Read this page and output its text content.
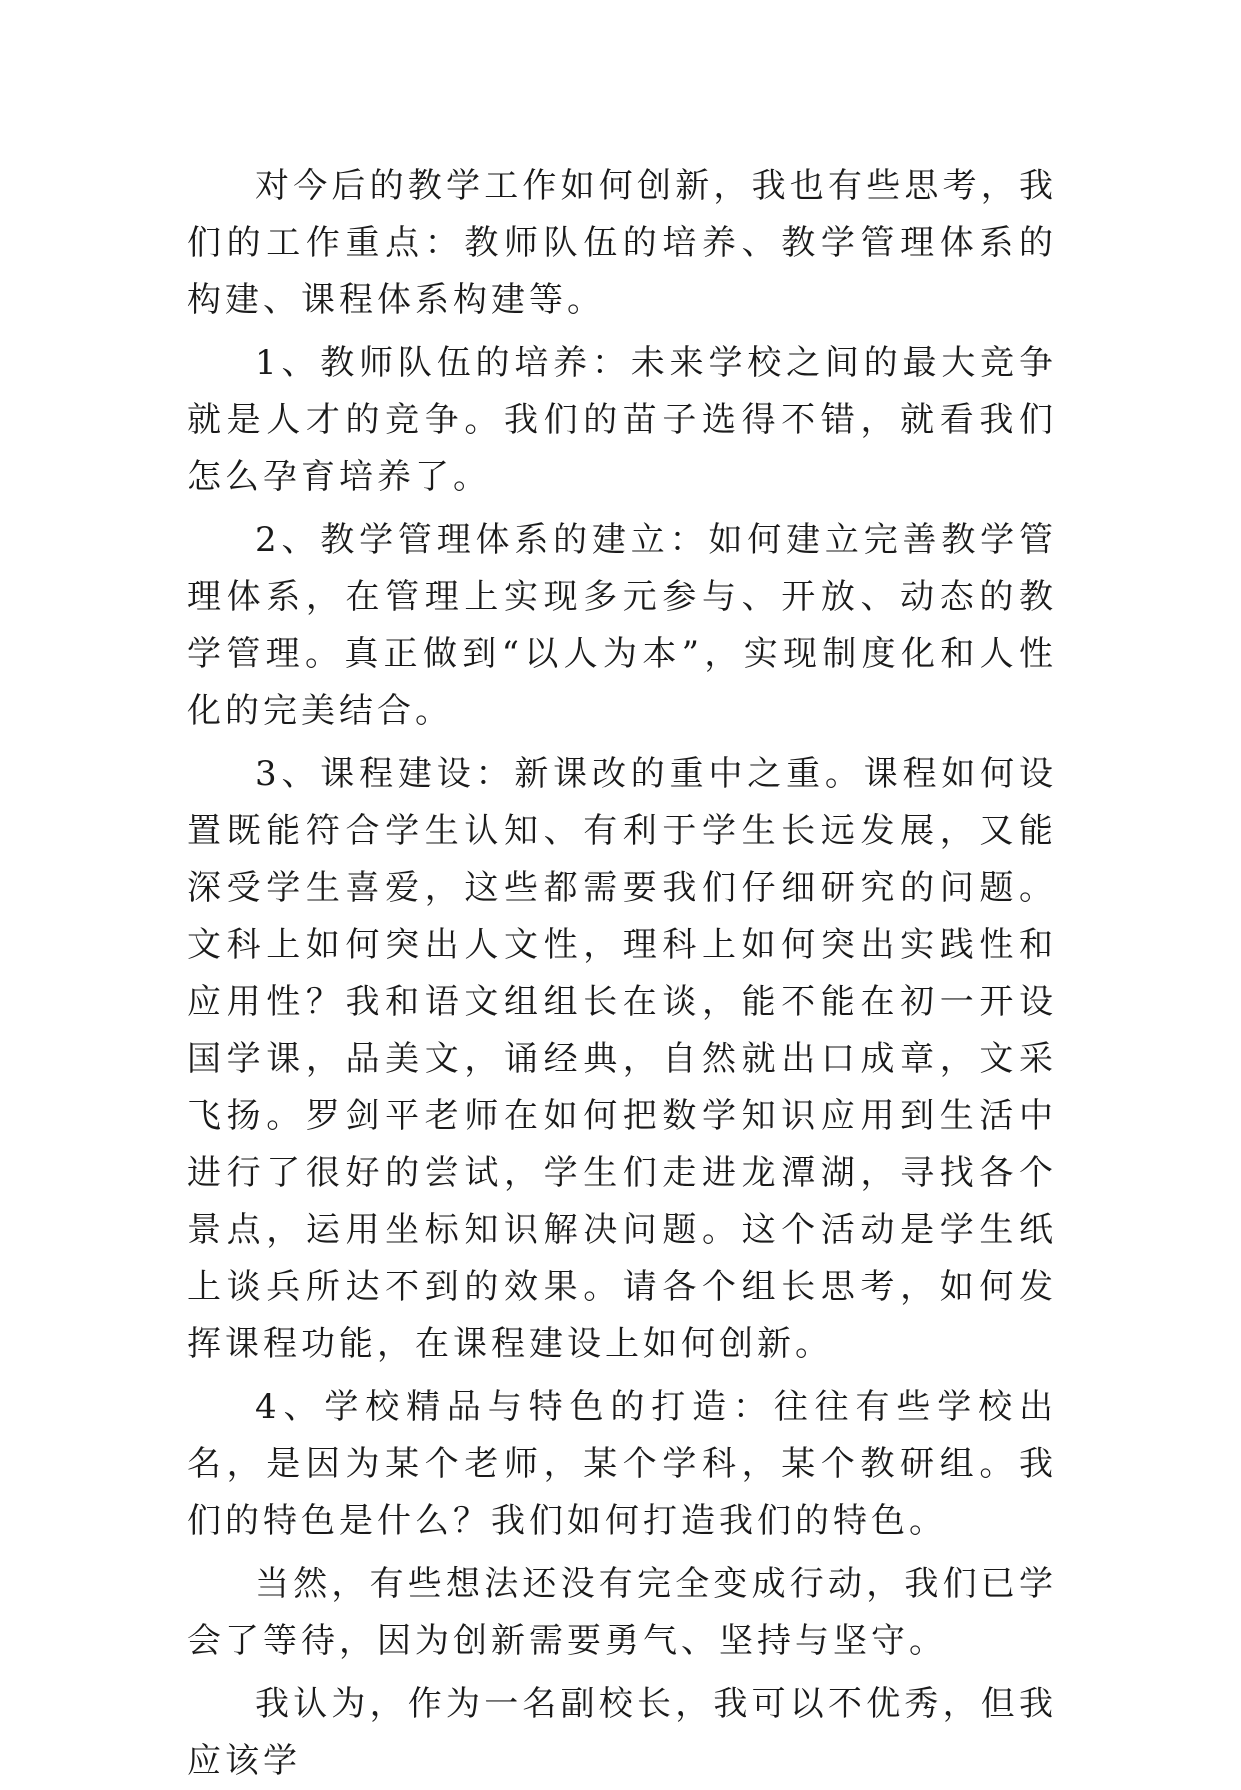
对今后的教学工作如何创新，我也有些思考，我们的工作重点：教师队伍的培养、教学管理体系的构建、课程体系构建等。

1、教师队伍的培养：未来学校之间的最大竞争就是人才的竞争。我们的苗子选得不错，就看我们怎么孕育培养了。

2、教学管理体系的建立：如何建立完善教学管理体系，在管理上实现多元参与、开放、动态的教学管理。真正做到“以人为本”，实现制度化和人性化的完美结合。

3、课程建设：新课改的重中之重。课程如何设置既能符合学生认知、有利于学生长远发展，又能深受学生喜爱，这些都需要我们仔细研究的问题。文科上如何突出人文性，理科上如何突出实践性和应用性？我和语文组组长在谈，能不能在初一开设国学课，品美文，诵经典，自然就出口成章，文采飞扬。罗剑平老师在如何把数学知识应用到生活中进行了很好的尝试，学生们走进龙潭湖，寻找各个景点，运用坐标知识解决问题。这个活动是学生纸上谈兵所达不到的效果。请各个组长思考，如何发挥课程功能，在课程建设上如何创新。

4、学校精品与特色的打造：往往有些学校出名，是因为某个老师，某个学科，某个教研组。我们的特色是什么？我们如何打造我们的特色。

当然，有些想法还没有完全变成行动，我们已学会了等待，因为创新需要勇气、坚持与坚守。

我认为，作为一名副校长，我可以不优秀，但我应该学
